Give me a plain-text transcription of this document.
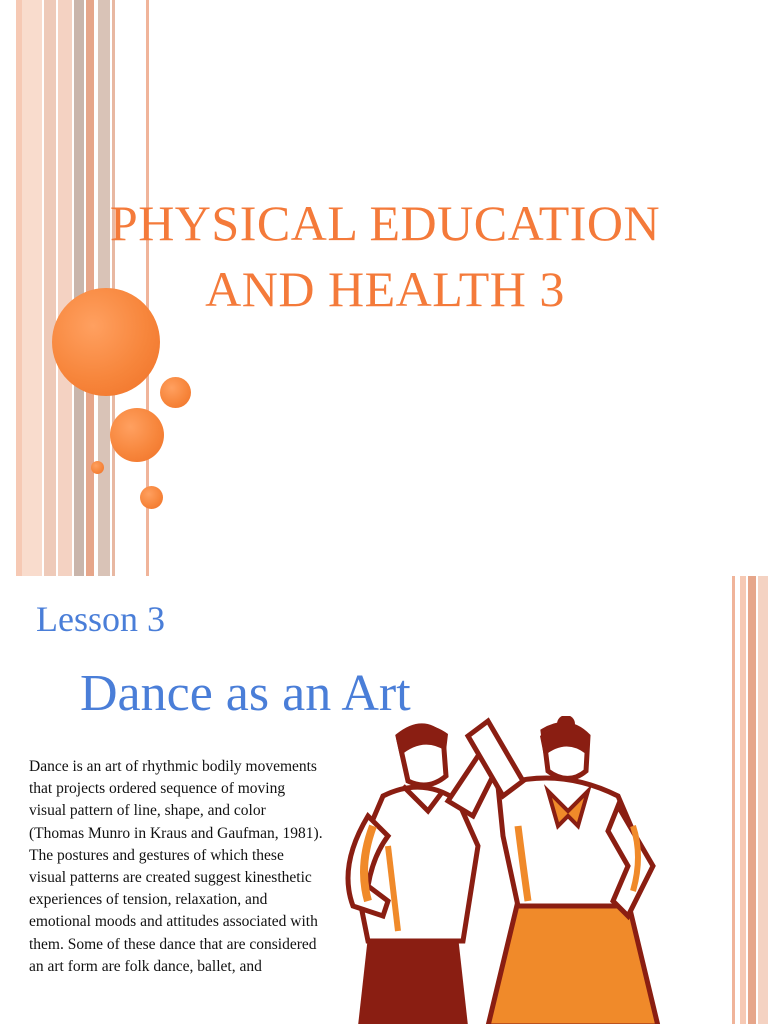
PHYSICAL EDUCATION
AND HEALTH 3
Lesson 3
Dance as an Art
Dance is an art of rhythmic bodily movements that projects ordered sequence of moving visual pattern of line, shape, and color (Thomas Munro in Kraus and Gaufman, 1981). The postures and gestures of which these visual patterns are created suggest kinesthetic experiences of tension, relaxation, and emotional moods and attitudes associated with them. Some of these dance that are considered an art form are folk dance, ballet, and
